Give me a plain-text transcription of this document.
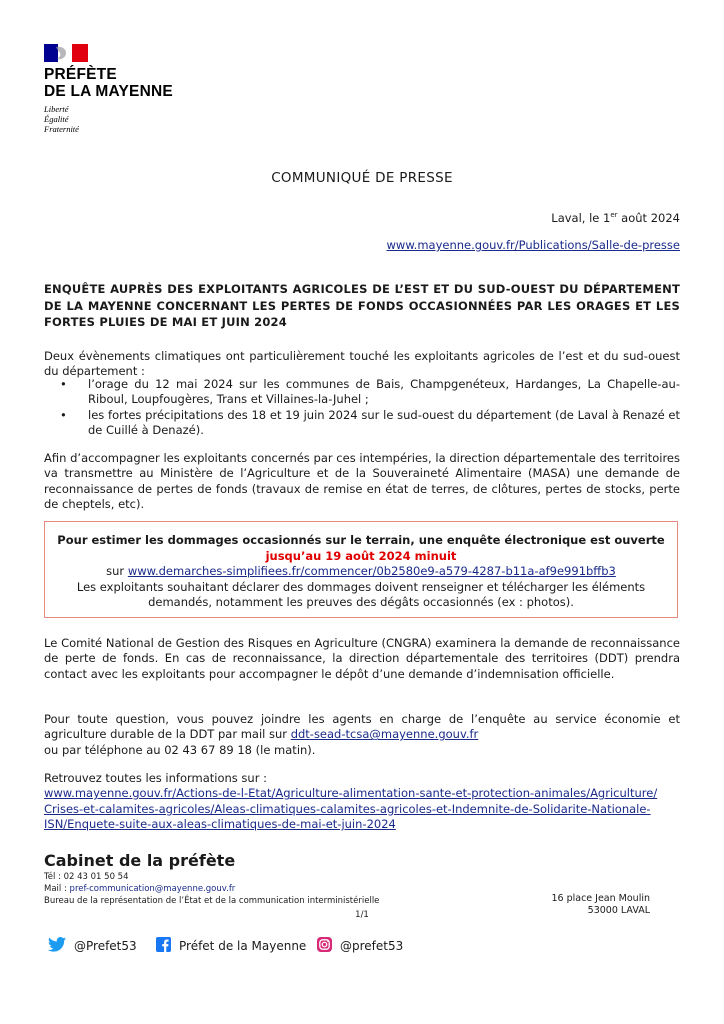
PRÉFÈTE
DE LA MAYENNE
Liberté
Égalité
Fraternité
COMMUNIQUÉ DE PRESSE
Laval, le 1er août 2024
www.mayenne.gouv.fr/Publications/Salle-de-presse
ENQUÊTE AUPRÈS DES EXPLOITANTS AGRICOLES DE L’EST ET DU SUD-OUEST DU DÉPARTEMENT DE LA MAYENNE CONCERNANT LES PERTES DE FONDS OCCASIONNÉES PAR LES ORAGES ET LES FORTES PLUIES DE MAI ET JUIN 2024
Deux évènements climatiques ont particulièrement touché les exploitants agricoles de l’est et du sud-ouest du département :
• l’orage du 12 mai 2024 sur les communes de Bais, Champgenéteux, Hardanges, La Chapelle-au-Riboul, Loupfougères, Trans et Villaines-la-Juhel ;
• les fortes précipitations des 18 et 19 juin 2024 sur le sud-ouest du département (de Laval à Renazé et de Cuillé à Denazé).
Afin d’accompagner les exploitants concernés par ces intempéries, la direction départementale des territoires va transmettre au Ministère de l’Agriculture et de la Souveraineté Alimentaire (MASA) une demande de reconnaissance de pertes de fonds (travaux de remise en état de terres, de clôtures, pertes de stocks, perte de cheptels, etc).
Pour estimer les dommages occasionnés sur le terrain, une enquête électronique est ouverte
jusqu’au 19 août 2024 minuit
sur www.demarches-simplifiees.fr/commencer/0b2580e9-a579-4287-b11a-af9e991bffb3
Les exploitants souhaitant déclarer des dommages doivent renseigner et télécharger les éléments demandés, notamment les preuves des dégâts occasionnés (ex : photos).
Le Comité National de Gestion des Risques en Agriculture (CNGRA) examinera la demande de reconnaissance de perte de fonds. En cas de reconnaissance, la direction départementale des territoires (DDT) prendra contact avec les exploitants pour accompagner le dépôt d’une demande d’indemnisation officielle.
Pour toute question, vous pouvez joindre les agents en charge de l’enquête au service économie et agriculture durable de la DDT par mail sur ddt-sead-tcsa@mayenne.gouv.fr
ou par téléphone au 02 43 67 89 18 (le matin).
Retrouvez toutes les informations sur :
www.mayenne.gouv.fr/Actions-de-l-Etat/Agriculture-alimentation-sante-et-protection-animales/Agriculture/
Crises-et-calamites-agricoles/Aleas-climatiques-calamites-agricoles-et-Indemnite-de-Solidarite-Nationale-
ISN/Enquete-suite-aux-aleas-climatiques-de-mai-et-juin-2024
Cabinet de la préfète
Tél : 02 43 01 50 54
Mail : pref-communication@mayenne.gouv.fr
Bureau de la représentation de l’État et de la communication interministérielle	16 place Jean Moulin
53000 LAVAL
1/1
@Prefet53	Préfet de la Mayenne	@prefet53
